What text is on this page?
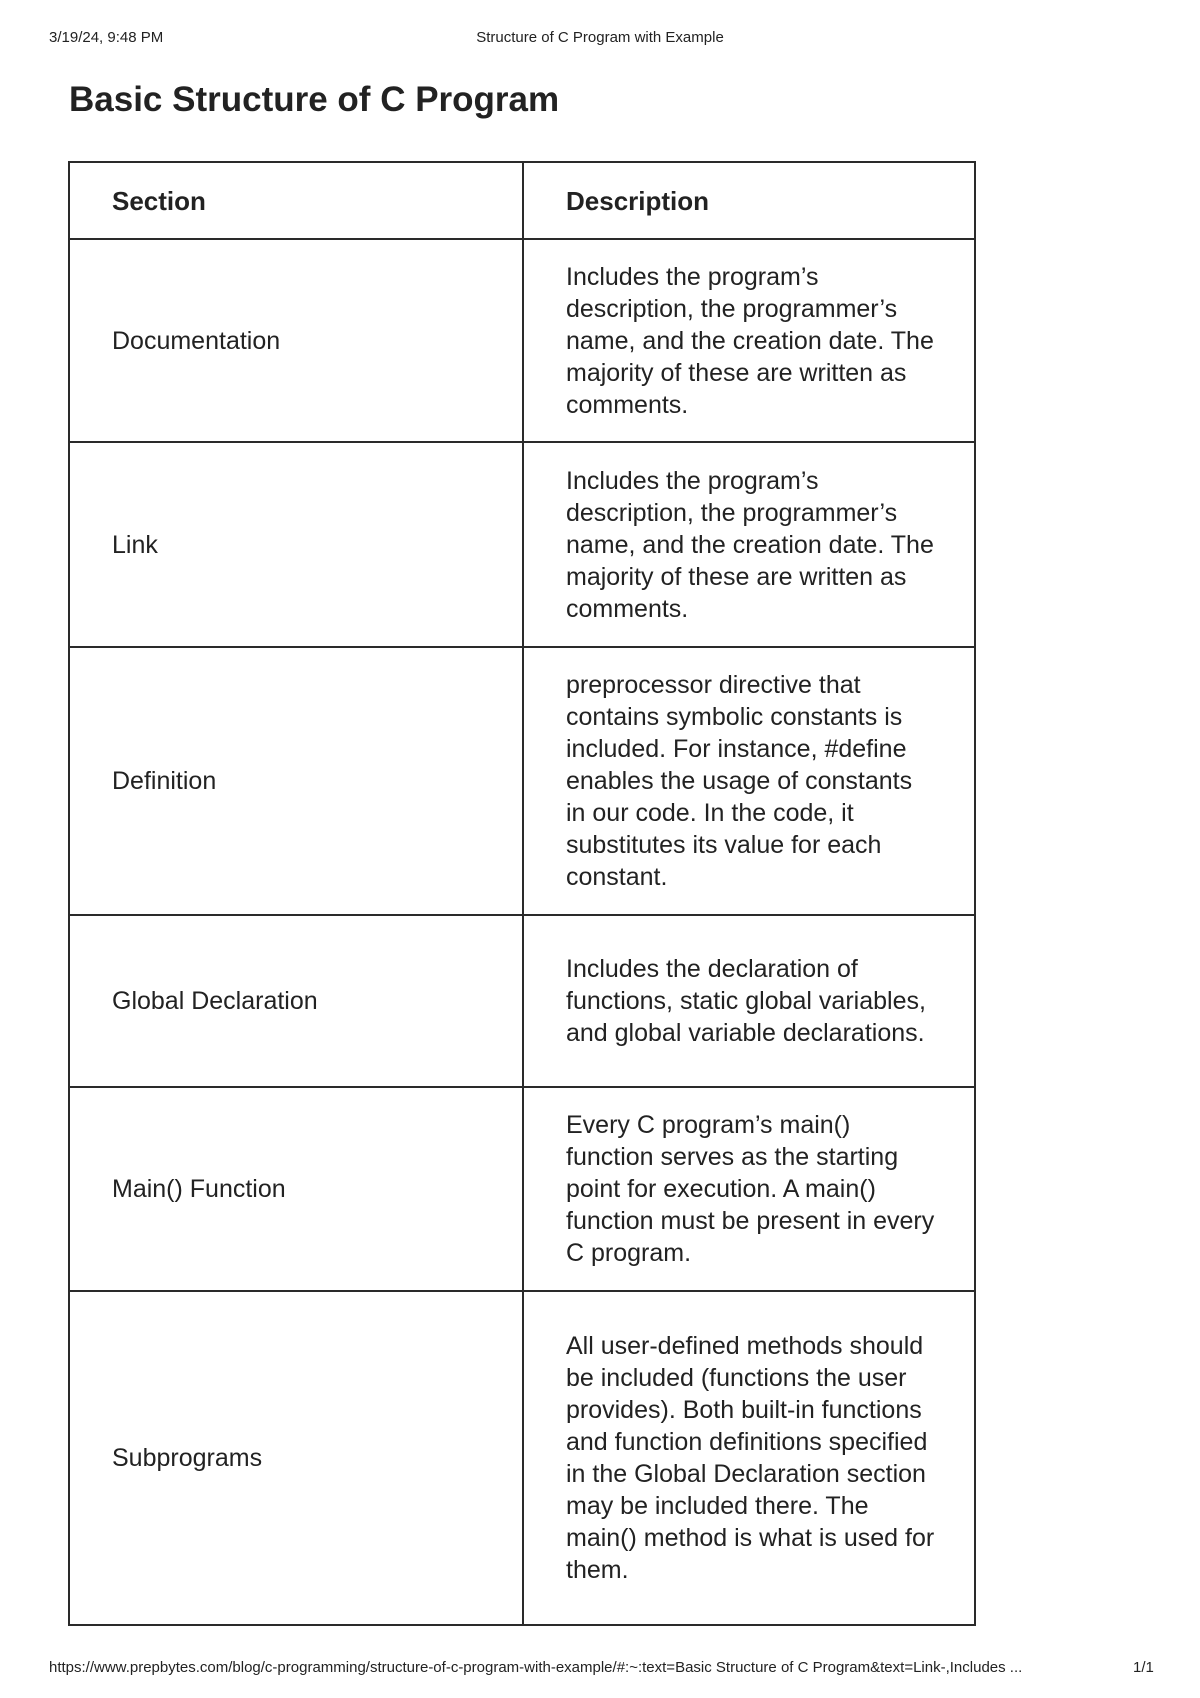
3/19/24, 9:48 PM	Structure of C Program with Example
Basic Structure of C Program
Section	Description
Documentation	Includes the program’s description, the programmer’s name, and the creation date. The majority of these are written as comments.
Link	Includes the program’s description, the programmer’s name, and the creation date. The majority of these are written as comments.
Definition	preprocessor directive that contains symbolic constants is included. For instance, #define enables the usage of constants in our code. In the code, it substitutes its value for each constant.
Global Declaration	Includes the declaration of functions, static global variables, and global variable declarations.
Main() Function	Every C program’s main() function serves as the starting point for execution. A main() function must be present in every C program.
Subprograms	All user-defined methods should be included (functions the user provides). Both built-in functions and function definitions specified in the Global Declaration section may be included there. The main() method is what is used for them.
https://www.prepbytes.com/blog/c-programming/structure-of-c-program-with-example/#:~:text=Basic Structure of C Program&text=Link-,Includes ...	1/1
